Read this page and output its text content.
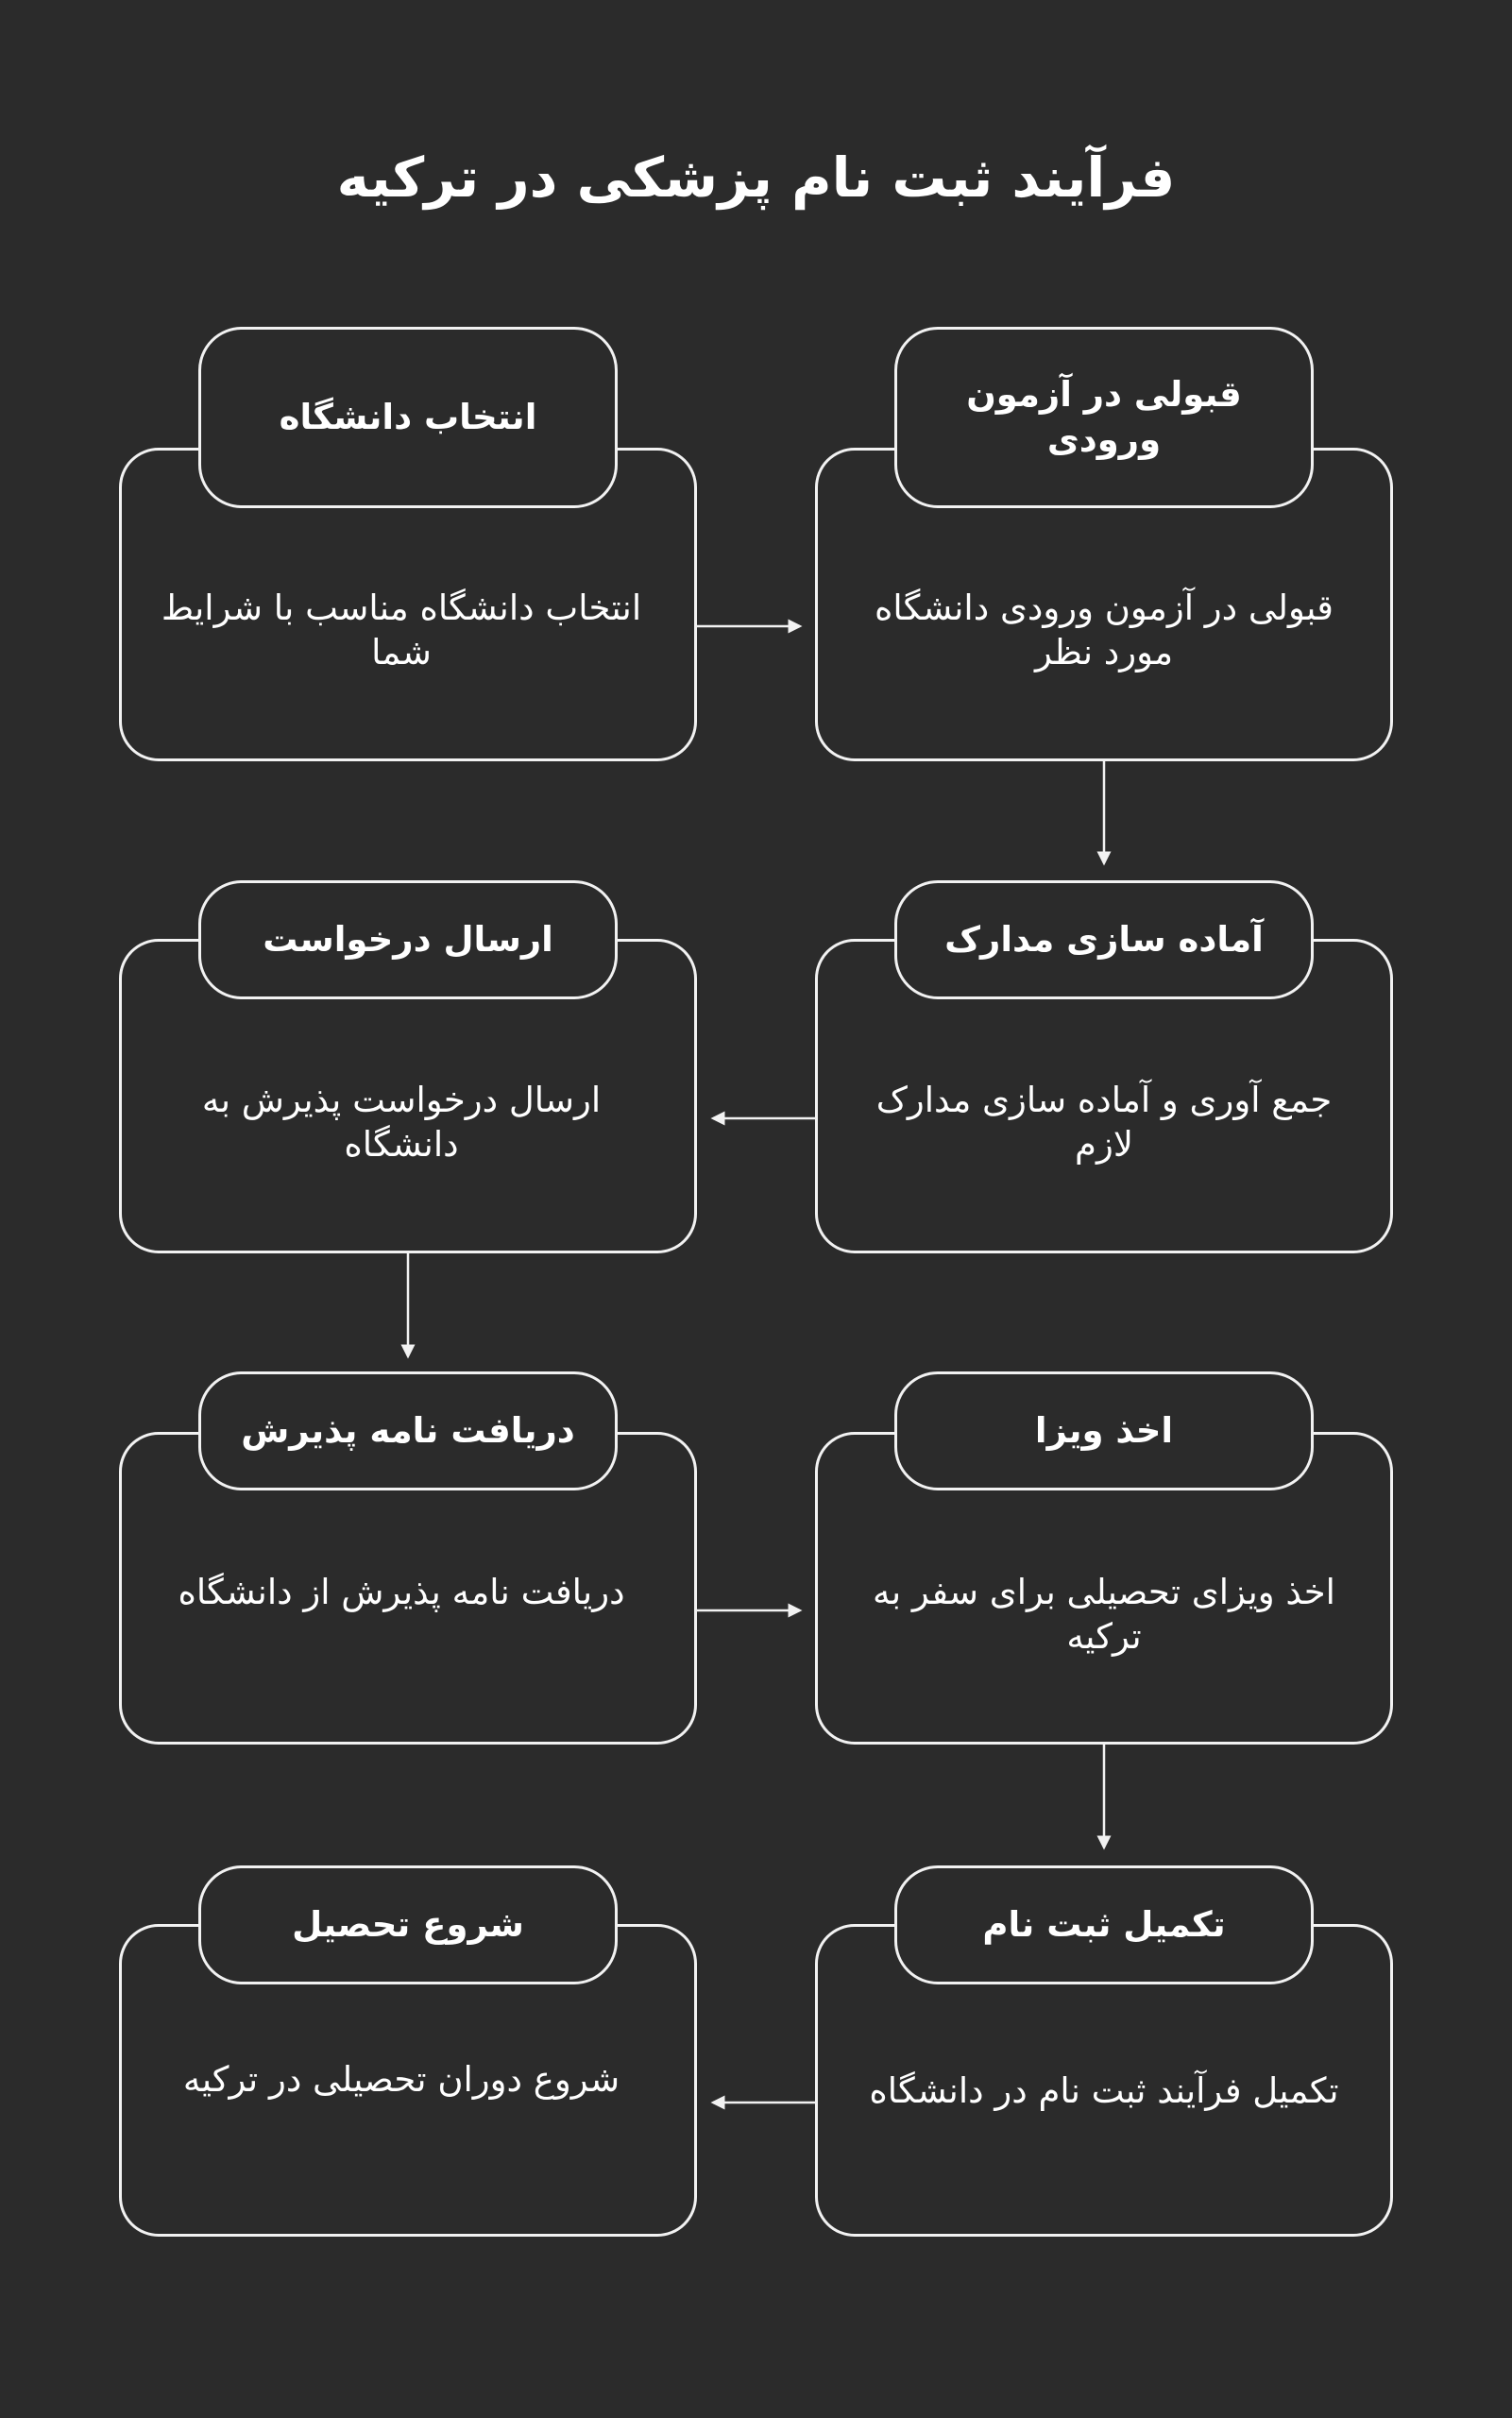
فرآیند ثبت نام پزشکی در ترکیه
قبولی در آزمون ورودی
قبولی در آزمون ورودی دانشگاه مورد نظر
انتخاب دانشگاه
انتخاب دانشگاه مناسب با شرایط شما
آماده سازی مدارک
جمع آوری و آماده سازی مدارک لازم
ارسال درخواست
ارسال درخواست پذیرش به دانشگاه
دریافت نامه پذیرش
دریافت نامه پذیرش از دانشگاه
اخذ ویزا
اخذ ویزای تحصیلی برای سفر به ترکیه
تکمیل ثبت نام
تکمیل فرآیند ثبت نام در دانشگاه
شروع تحصیل
شروع دوران تحصیلی در ترکیه
